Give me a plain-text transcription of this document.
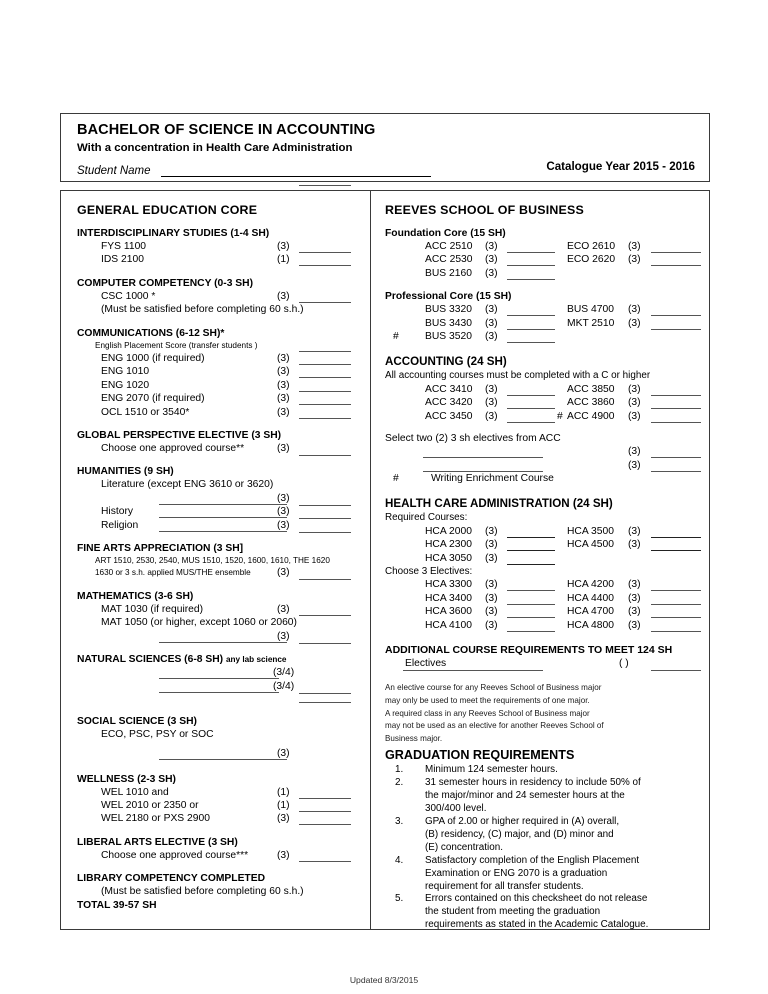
BACHELOR OF SCIENCE IN ACCOUNTING
With a concentration in Health Care Administration
Student Name	Catalogue Year 2015 - 2016
GENERAL EDUCATION CORE
INTERDISCIPLINARY STUDIES (1-4 SH)
FYS 1100	(3)
IDS 2100	(1)
COMPUTER COMPETENCY (0-3 SH)
CSC 1000 *	(3)
(Must be satisfied before completing 60 s.h.)
COMMUNICATIONS (6-12 SH)*
English Placement Score (transfer students )
ENG 1000 (if required)	(3)
ENG 1010	(3)
ENG 1020	(3)
ENG 2070 (if required)	(3)
OCL 1510 or 3540*	(3)
GLOBAL PERSPECTIVE ELECTIVE (3 SH)
Choose one approved course**	(3)
HUMANITIES (9 SH)
Literature (except ENG 3610 or 3620)
(3)
History	(3)
Religion	(3)
FINE ARTS APPRECIATION (3 SH]
ART 1510, 2530, 2540, MUS 1510, 1520, 1600, 1610, THE 1620
1630 or 3 s.h. applied MUS/THE ensemble	(3)
MATHEMATICS (3-6 SH)

MAT 1030 (if required)	(3)
MAT 1050 (or higher, except 1060 or 2060)
(3)
NATURAL SCIENCES (6-8 SH) any lab science
(3/4)
(3/4)
SOCIAL SCIENCE (3 SH)
ECO, PSC, PSY or SOC
(3)
WELLNESS (2-3 SH)
WEL 1010 and	(1)
WEL 2010 or 2350 or	(1)
WEL 2180 or PXS 2900	(3)
LIBERAL ARTS ELECTIVE (3 SH)
Choose one approved course***	(3)
LIBRARY COMPETENCY COMPLETED
(Must be satisfied before completing 60 s.h.)
TOTAL 39-57 SH
REEVES SCHOOL OF BUSINESS
Foundation Core (15 SH)
ACC 2510 (3)	ECO 2610 (3)
ACC 2530 (3)	ECO 2620 (3)
BUS 2160 (3)
Professional Core (15 SH)
BUS 3320 (3)	BUS 4700 (3)
BUS 3430 (3)	MKT 2510 (3)
#	BUS 3520 (3)
ACCOUNTING (24 SH)
All accounting courses must be completed with a C or higher
ACC 3410 (3)	ACC 3850 (3)
ACC 3420 (3)	ACC 3860 (3)
ACC 3450 (3)	# ACC 4900 (3)
Select two (2) 3 sh electives from ACC
(3)
(3)
#	Writing Enrichment Course
HEALTH CARE ADMINISTRATION (24 SH)
Required Courses:
HCA 2000 (3)	HCA 3500 (3)
HCA 2300 (3)	HCA 4500 (3)
HCA 3050 (3)
Choose 3 Electives:
HCA 3300 (3)	HCA 4200 (3)
HCA 3400 (3)	HCA 4400 (3)
HCA 3600 (3)	HCA 4700 (3)
HCA 4100 (3)	HCA 4800 (3)
ADDITIONAL COURSE REQUIREMENTS TO MEET 124 SH
Electives	( )
An elective course for any Reeves School of Business major
may only be used to meet the requirements of one major.
A required class in any Reeves School of Business major
may not be used as an elective for another Reeves School of
Business major.
GRADUATION REQUIREMENTS
1. Minimum 124 semester hours.
2. 31 semester hours in residency to include 50% of
the major/minor and 24 semester hours at the
300/400 level.
3. GPA of 2.00 or higher required in (A) overall,
(B) residency, (C) major, and (D) minor and
(E) concentration.
4. Satisfactory completion of the English Placement
Examination or ENG 2070 is a graduation
requirement for all transfer students.
5. Errors contained on this checksheet do not release
the student from meeting the graduation
requirements as stated in the Academic Catalogue.
Updated 8/3/2015
